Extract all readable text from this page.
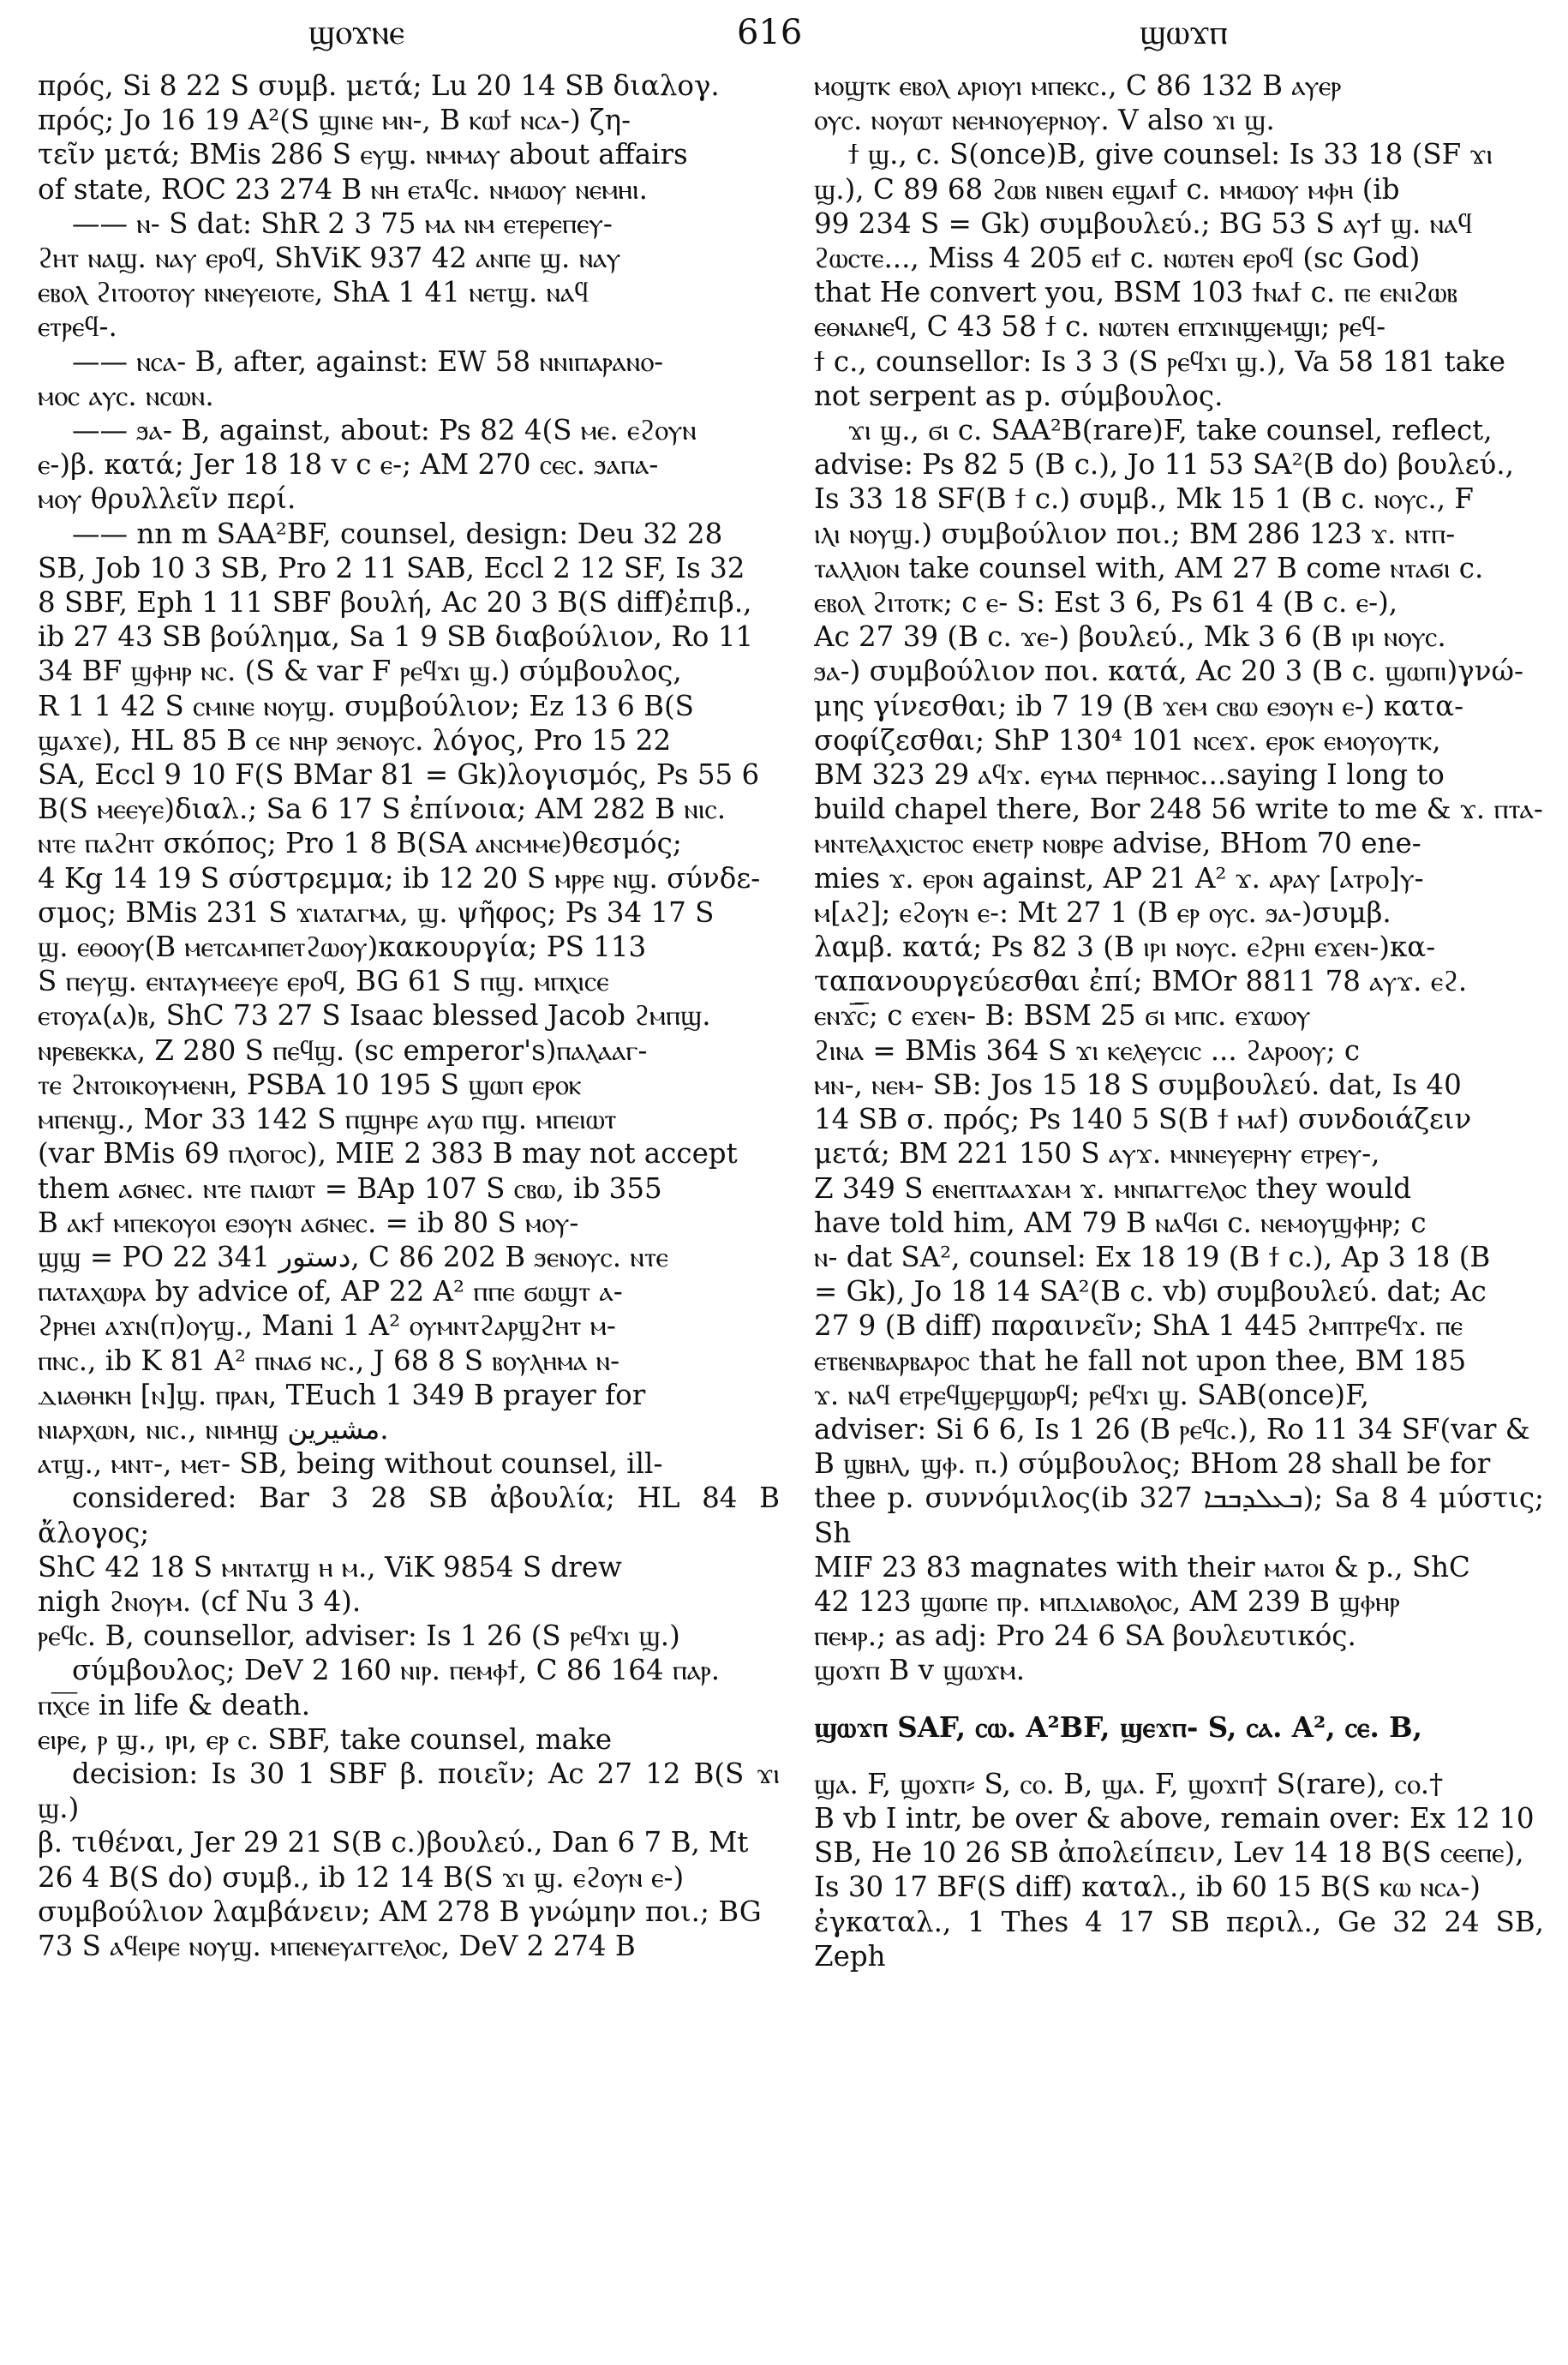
ϣⲟϫⲛⲉ	616	ϣⲱϫⲡ

πρός, Si 8 22 S συμβ. μετά; Lu 20 14 SB διαλογ.

πρός; Jo 16 19 A²(S ϣⲓⲛⲉ ⲙⲛ-, B ⲕⲱϯ ⲛⲥⲁ-) ζη-

τεῖν μετά; BMis 286 S ⲉⲩϣ. ⲛⲙⲙⲁⲩ about affairs

of state, ROC 23 274 B ⲛⲏ ⲉⲧⲁϥⲥ. ⲛⲙⲱⲟⲩ ⲛⲉⲙⲏⲓ.

—— ⲛ- S dat: ShR 2 3 75 ⲙⲁ ⲛⲙ ⲉⲧⲉⲣⲉⲡⲉⲩ-

ϩⲏⲧ ⲛⲁϣ. ⲛⲁⲩ ⲉⲣⲟϥ, ShViK 937 42 ⲁⲛⲡⲉ ϣ. ⲛⲁⲩ

ⲉⲃⲟⲗ ϩⲓⲧⲟⲟⲧⲟⲩ ⲛⲛⲉⲩⲉⲓⲟⲧⲉ, ShA 1 41 ⲛⲉⲧϣ. ⲛⲁϥ

ⲉⲧⲣⲉϥ-.

—— ⲛⲥⲁ- B, after, against: EW 58 ⲛⲛⲓⲡⲁⲣⲁⲛⲟ-

ⲙⲟⲥ ⲁⲩⲥ. ⲛⲥⲱⲛ.

—— ϧⲁ- B, against, about: Ps 82 4(S ⲙⲉ. ⲉϩⲟⲩⲛ

ⲉ-)β. κατά; Jer 18 18 v c ⲉ-; AM 270 ⲥⲉⲥ. ϧⲁⲡⲁ-

ⲙⲟⲩ θρυλλεῖν περί.

—— nn m SAA²BF, counsel, design: Deu 32 28

SB, Job 10 3 SB, Pro 2 11 SAB, Eccl 2 12 SF, Is 32

8 SBF, Eph 1 11 SBF βουλή, Ac 20 3 B(S diff)ἐπιβ.,

ib 27 43 SB βούλημα, Sa 1 9 SB διαβούλιον, Ro 11

34 BF ϣⲫⲏⲣ ⲛⲥ. (S & var F ⲣⲉϥϫⲓ ϣ.) σύμβουλος,

R 1 1 42 S ⲥⲙⲓⲛⲉ ⲛⲟⲩϣ. συμβούλιον; Ez 13 6 B(S

ϣⲁϫⲉ), HL 85 B ⲥⲉ ⲛⲏⲣ ϧⲉⲛⲟⲩⲥ. λόγος, Pro 15 22

SA, Eccl 9 10 F(S BMar 81 = Gk)λογισμός, Ps 55 6

B(S ⲙⲉⲉⲩⲉ)διαλ.; Sa 6 17 S ἐπίνοια; AM 282 B ⲛⲓⲥ.

ⲛⲧⲉ ⲡⲁϩⲏⲧ σκόπος; Pro 1 8 B(SA ⲁⲛⲥⲙⲙⲉ)θεσμός;

4 Kg 14 19 S σύστρεμμα; ib 12 20 S ⲙⲣⲣⲉ ⲛϣ. σύνδε-

σμος; BMis 231 S ϫⲓⲁⲧⲁⲅⲙⲁ, ϣ. ψῆφος; Ps 34 17 S

ϣ. ⲉⲑⲟⲟⲩ(B ⲙⲉⲧⲥⲁⲙⲡⲉⲧϩⲱⲟⲩ)κακουργία; PS 113

S ⲡⲉⲩϣ. ⲉⲛⲧⲁⲩⲙⲉⲉⲩⲉ ⲉⲣⲟϥ, BG 61 S ⲡϣ. ⲙⲡⲭⲓⲥⲉ

ⲉⲧⲟⲩⲁ(ⲁ)ⲃ, ShC 73 27 S Isaac blessed Jacob ϩⲙⲡϣ.

ⲛⲣⲉⲃⲉⲕⲕⲁ, Z 280 S ⲡⲉϥϣ. (sc emperor's)ⲡⲁⲗⲁⲁⲅ-

ⲧⲉ ϩⲛⲧⲟⲓⲕⲟⲩⲙⲉⲛⲏ, PSBA 10 195 S ϣⲱⲡ ⲉⲣⲟⲕ

ⲙⲡⲉⲛϣ., Mor 33 142 S ⲡϣⲏⲣⲉ ⲁⲩⲱ ⲡϣ. ⲙⲡⲉⲓⲱⲧ

(var BMis 69 ⲡⲗⲟⲅⲟⲥ), MIE 2 383 B may not accept

them ⲁϭⲛⲉⲥ. ⲛⲧⲉ ⲡⲁⲓⲱⲧ = BAp 107 S ⲥⲃⲱ, ib 355

B ⲁⲕϯ ⲙⲡⲉⲕⲟⲩⲟⲓ ⲉϧⲟⲩⲛ ⲁϭⲛⲉⲥ. = ib 80 S ⲙⲟⲩ-

ϣϣ = PO 22 341 دستور, C 86 202 B ϧⲉⲛⲟⲩⲥ. ⲛⲧⲉ

ⲡⲁⲧⲁⲭⲱⲣⲁ by advice of, AP 22 A² ⲡⲡⲉ ϭⲱϣⲧ ⲁ-

ϩⲣⲏⲉⲓ ⲁϫⲛ(ⲡ)ⲟⲩϣ., Mani 1 A² ⲟⲩⲙⲛⲧϩⲁⲣϣϩⲏⲧ ⲙ-

ⲡⲛⲥ., ib K 81 A² ⲡⲛⲁϭ ⲛⲥ., J 68 8 S ⲃⲟⲩⲗⲏⲙⲁ ⲛ-

ⲇⲓⲁⲑⲏⲕⲏ [ⲛ]ϣ. ⲡⲣⲁⲛ, TEuch 1 349 B prayer for

ⲛⲓⲁⲣⲭⲱⲛ, ⲛⲓⲥ., ⲛⲓⲙⲏϣ مشيرين.

ⲁⲧϣ., ⲙⲛⲧ-, ⲙⲉⲧ- SB, being without counsel, ill-

considered: Bar 3 28 SB ἀβουλία; HL 84 B ἄλογος;

ShC 42 18 S ⲙⲛⲧⲁⲧϣ ⲏ ⲙ., ViK 9854 S drew

nigh ϩⲛⲟⲩⲙ. (cf Nu 3 4).

ⲣⲉϥⲥ. B, counsellor, adviser: Is 1 26 (S ⲣⲉϥϫⲓ ϣ.)

σύμβουλος; DeV 2 160 ⲛⲓⲣ. ⲡⲉⲙⲫϯ, C 86 164 ⲡⲁⲣ.

ⲡⲭ̅ⲥ̅ⲉ in life & death.

ⲉⲓⲣⲉ, ⲣ ϣ., ⲓⲣⲓ, ⲉⲣ ⲥ. SBF, take counsel, make

decision: Is 30 1 SBF β. ποιεῖν; Ac 27 12 B(S ϫⲓ ϣ.)

β. τιθέναι, Jer 29 21 S(B c.)βουλεύ., Dan 6 7 B, Mt

26 4 B(S do) συμβ., ib 12 14 B(S ϫⲓ ϣ. ⲉϩⲟⲩⲛ ⲉ-)

συμβούλιον λαμβάνειν; AM 278 B γνώμην ποι.; BG

73 S ⲁϥⲉⲓⲣⲉ ⲛⲟⲩϣ. ⲙⲡⲉⲛⲉⲩⲁⲅⲅⲉⲗⲟⲥ, DeV 2 274 B

ⲙⲟϣⲧⲕ ⲉⲃⲟⲗ ⲁⲣⲓⲟⲩⲓ ⲙⲡⲉⲕⲥ., C 86 132 B ⲁⲩⲉⲣ

ⲟⲩⲥ. ⲛⲟⲩⲱⲧ ⲛⲉⲙⲛⲟⲩⲉⲣⲛⲟⲩ. V also ϫⲓ ϣ.

ϯ ϣ., c. S(once)B, give counsel: Is 33 18 (SF ϫⲓ

ϣ.), C 89 68 ϩⲱⲃ ⲛⲓⲃⲉⲛ ⲉϣⲁⲓϯ c. ⲙⲙⲱⲟⲩ ⲙⲫⲏ (ib

99 234 S = Gk) συμβουλεύ.; BG 53 S ⲁⲩϯ ϣ. ⲛⲁϥ

ϩⲱⲥⲧⲉ..., Miss 4 205 ⲉⲓϯ c. ⲛⲱⲧⲉⲛ ⲉⲣⲟϥ (sc God)

that He convert you, BSM 103 ϯⲛⲁϯ c. ⲡⲉ ⲉⲛⲓϩⲱⲃ

ⲉⲑⲛⲁⲛⲉϥ, C 43 58 ϯ c. ⲛⲱⲧⲉⲛ ⲉⲡϫⲓⲛϣⲉⲙϣⲓ; ⲣⲉϥ-

ϯ c., counsellor: Is 3 3 (S ⲣⲉϥϫⲓ ϣ.), Va 58 181 take

not serpent as p. σύμβουλος.

ϫⲓ ϣ., ϭⲓ c. SAA²B(rare)F, take counsel, reflect,

advise: Ps 82 5 (B c.), Jo 11 53 SA²(B do) βουλεύ.,

Is 33 18 SF(B ϯ c.) συμβ., Mk 15 1 (B c. ⲛⲟⲩⲥ., F

ⲓⲗⲓ ⲛⲟⲩϣ.) συμβούλιον ποι.; BM 286 123 ϫ. ⲛⲧⲡ-

ⲧⲁⲗⲗⲓⲟⲛ take counsel with, AM 27 B come ⲛⲧⲁϭⲓ c.

ⲉⲃⲟⲗ ϩⲓⲧⲟⲧⲕ; c ⲉ- S: Est 3 6, Ps 61 4 (B c. ⲉ-),

Ac 27 39 (B c. ϫⲉ-) βουλεύ., Mk 3 6 (B ⲓⲣⲓ ⲛⲟⲩⲥ.

ϧⲁ-) συμβούλιον ποι. κατά, Ac 20 3 (B c. ϣⲱⲡⲓ)γνώ-

μης γίνεσθαι; ib 7 19 (B ϫⲉⲙ ⲥⲃⲱ ⲉϧⲟⲩⲛ ⲉ-) κατα-

σοφίζεσθαι; ShP 130⁴ 101 ⲛⲥⲉϫ. ⲉⲣⲟⲕ ⲉⲙⲟⲩⲟⲩⲧⲕ,

BM 323 29 ⲁϥϫ. ⲉⲩⲙⲁ ⲡⲉⲣⲏⲙⲟⲥ...saying I long to

build chapel there, Bor 248 56 write to me & ϫ. ⲡⲧⲁ-

ⲙⲛⲧⲉⲗⲁⲭⲓⲥⲧⲟⲥ ⲉⲛⲉⲧⲣ ⲛⲟⲃⲣⲉ advise, BHom 70 ene-

mies ϫ. ⲉⲣⲟⲛ against, AP 21 A² ϫ. ⲁⲣⲁⲩ [ⲁⲧⲣⲟ]ⲩ-

ⲙ[ⲁϩ]; ⲉϩⲟⲩⲛ ⲉ-: Mt 27 1 (B ⲉⲣ ⲟⲩⲥ. ϧⲁ-)συμβ.

λαμβ. κατά; Ps 82 3 (B ⲓⲣⲓ ⲛⲟⲩⲥ. ⲉϩⲣⲏⲓ ⲉϫⲉⲛ-)κα-

ταπανουργεύεσθαι ἐπί; BMOr 8811 78 ⲁⲩϫ. ⲉϩ.

ⲉⲛϫ̅ⲥ̅; c ⲉϫⲉⲛ- B: BSM 25 ϭⲓ ⲙⲡⲥ. ⲉϫⲱⲟⲩ

ϩⲓⲛⲁ = BMis 364 S ϫⲓ ⲕⲉⲗⲉⲩⲥⲓⲥ ... ϩⲁⲣⲟⲟⲩ; c

ⲙⲛ-, ⲛⲉⲙ- SB: Jos 15 18 S συμβουλεύ. dat, Is 40

14 SB σ. πρός; Ps 140 5 S(B ϯ ⲙⲁϯ) συνδοιάζειν

μετά; BM 221 150 S ⲁⲩϫ. ⲙⲛⲛⲉⲩⲉⲣⲏⲩ ⲉⲧⲣⲉⲩ-,

Z 349 S ⲉⲛⲉⲡⲧⲁⲁϫⲁⲙ ϫ. ⲙⲛⲡⲁⲅⲅⲉⲗⲟⲥ they would

have told him, AM 79 B ⲛⲁϥϭⲓ c. ⲛⲉⲙⲟⲩϣⲫⲏⲣ; c

ⲛ- dat SA², counsel: Ex 18 19 (B ϯ c.), Ap 3 18 (B

= Gk), Jo 18 14 SA²(B c. vb) συμβουλεύ. dat; Ac

27 9 (B diff) παραινεῖν; ShA 1 445 ϩⲙⲡⲧⲣⲉϥϫ. ⲡⲉ

ⲉⲧⲃⲉⲛⲃⲁⲣⲃⲁⲣⲟⲥ that he fall not upon thee, BM 185

ϫ. ⲛⲁϥ ⲉⲧⲣⲉϥϣⲉⲣϣⲱⲣϥ; ⲣⲉϥϫⲓ ϣ. SAB(once)F,

adviser: Si 6 6, Is 1 26 (B ⲣⲉϥⲥ.), Ro 11 34 SF(var &

B ϣⲃⲏⲗ, ϣⲫ. ⲡ.) σύμβουλος; BHom 28 shall be for

thee p. συννόμιλος(ib 327 ܒܥܠܕܒܒܐ); Sa 8 4 μύστις; Sh

MIF 23 83 magnates with their ⲙⲁⲧⲟⲓ & p., ShC

42 123 ϣⲱⲡⲉ ⲡⲣ. ⲙⲡⲇⲓⲁⲃⲟⲗⲟⲥ, AM 239 B ϣⲫⲏⲣ

ⲡⲉⲙⲣ.; as adj: Pro 24 6 SA βουλευτικός.

ϣⲟϫⲡ B v ϣⲱϫⲙ.

ϣⲱϫⲡ SAF, ⲥⲱ. A²BF, ϣⲉϫⲡ- S, ⲥⲁ. A², ⲥⲉ. B,

ϣⲁ. F, ϣⲟϫⲡ⸗ S, ⲥⲟ. B, ϣⲁ. F, ϣⲟϫⲡ† S(rare), ⲥⲟ.†

B vb I intr, be over & above, remain over: Ex 12 10

SB, He 10 26 SB ἀπολείπειν, Lev 14 18 B(S ⲥⲉⲉⲡⲉ),

Is 30 17 BF(S diff) καταλ., ib 60 15 B(S ⲕⲱ ⲛⲥⲁ-)

ἐγκαταλ., 1 Thes 4 17 SB περιλ., Ge 32 24 SB, Zeph
